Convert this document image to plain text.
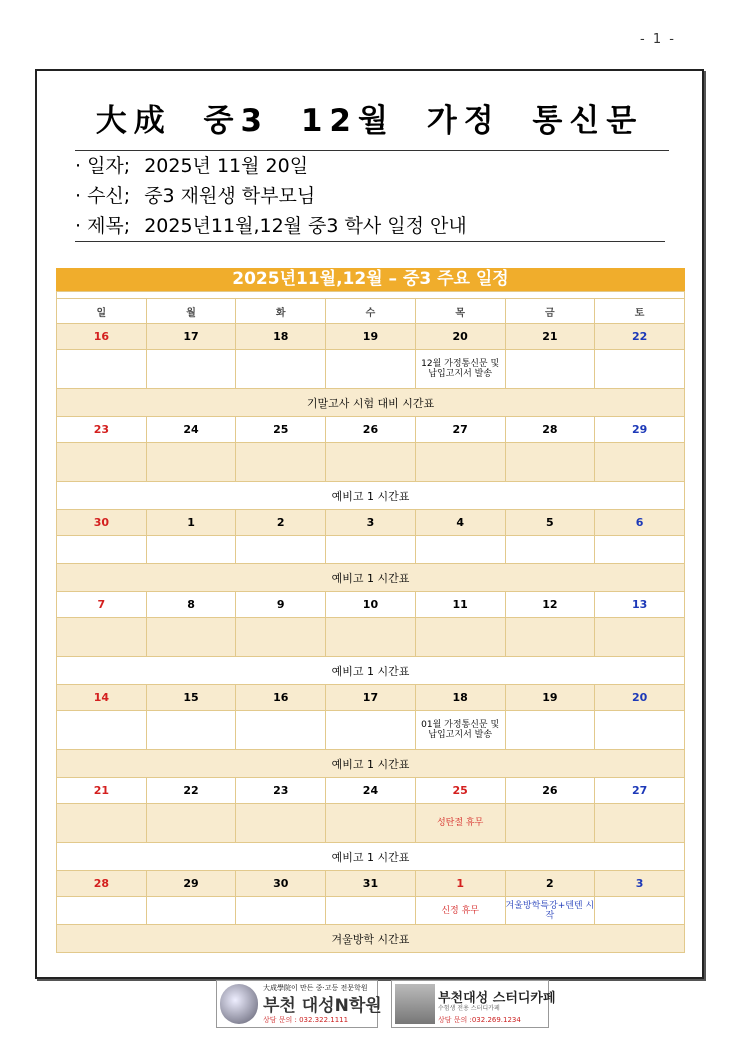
- 1 -
大成 중3 12월 가정 통신문
· 일자; 2025년 11월 20일
· 수신; 중3 재원생 학부모님
· 제목; 2025년11월,12월 중3 학사 일정 안내
2025년11월,12월 – 중3 주요 일정

일	월	화	수	목	금	토
16	17	18	19	20	21	22
				12월 가정통신문 및 납입고지서 발송		
기말고사 시험 대비 시간표						
23	24	25	26	27	28	29

예비고 1 시간표						
30	1	2	3	4	5	6

예비고 1 시간표						
7	8	9	10	11	12	13

예비고 1 시간표						
14	15	16	17	18	19	20
				01월 가정통신문 및 납입고지서 발송		
예비고 1 시간표						
21	22	23	24	25	26	27
				성탄절 휴무		
예비고 1 시간표						
28	29	30	31	1	2	3
				신정 휴무	겨울방학특강+텐텐 시작	
겨울방학 시간표						
大成學院이 만든 중·고등 전문학원
부천 대성N학원
상담 문의 : 032.322.1111
부천대성 스터디카페
수험생 전용 스터디카페
상담 문의 :032.269.1234
